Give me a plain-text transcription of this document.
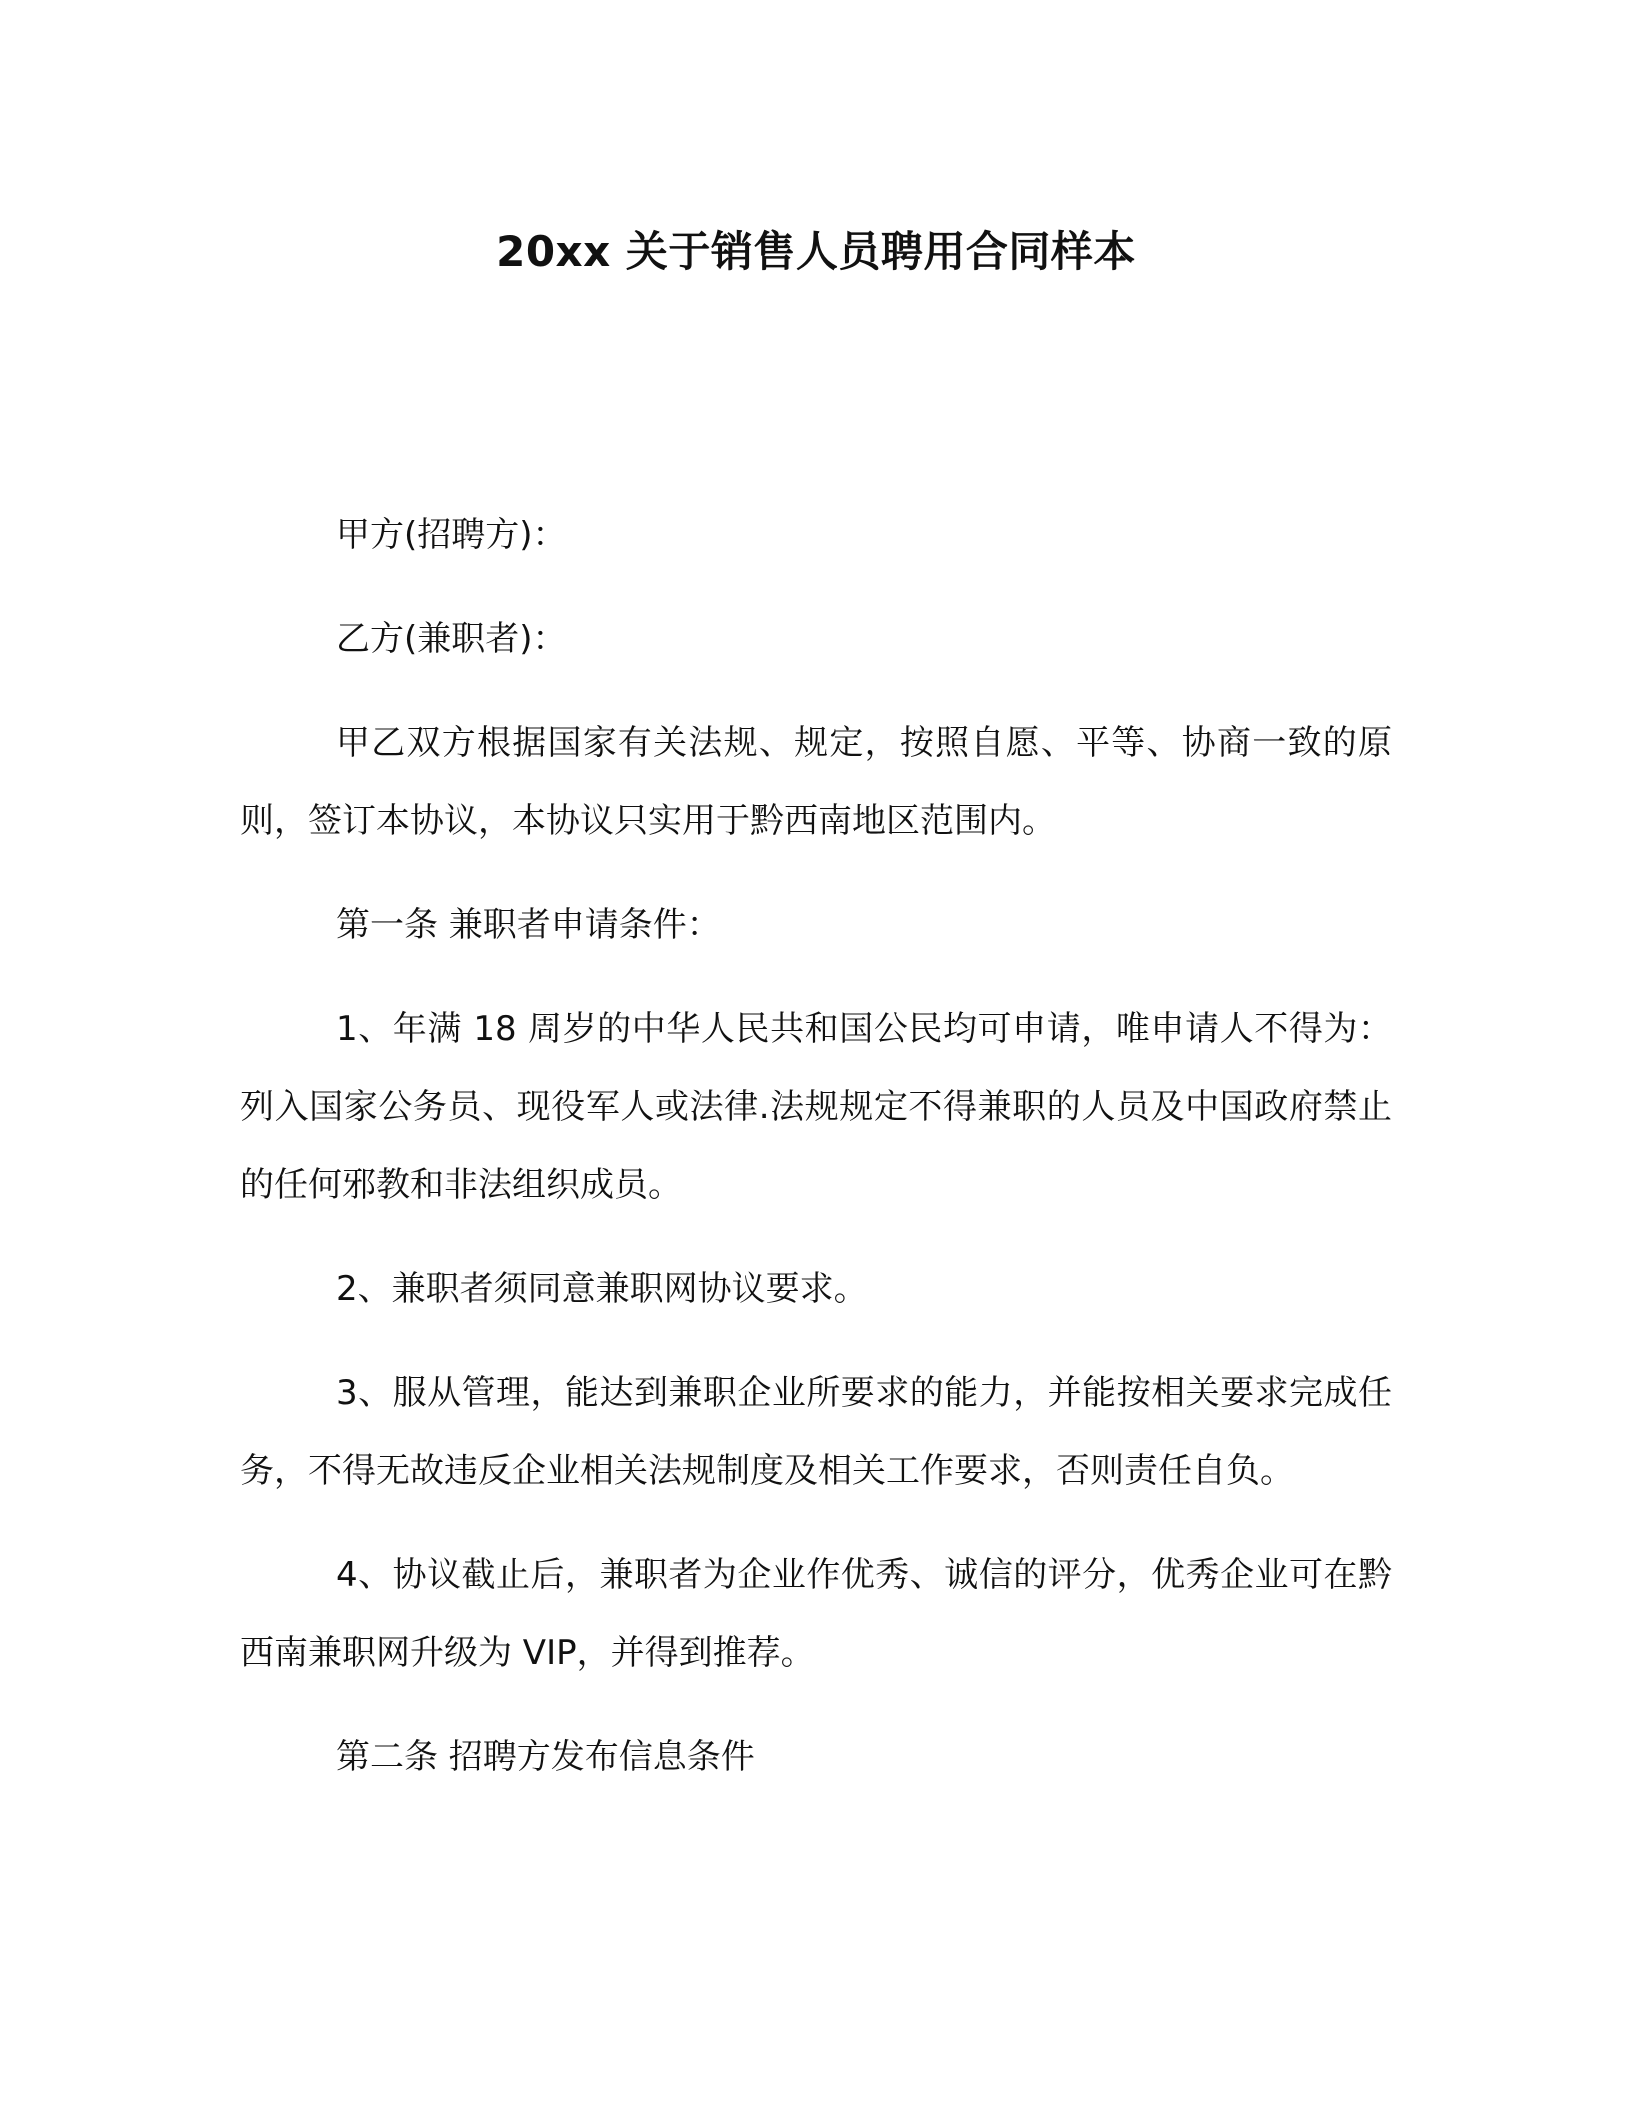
20xx 关于销售人员聘用合同样本

甲方(招聘方)：

乙方(兼职者)：

甲乙双方根据国家有关法规、规定，按照自愿、平等、协商一致的原则，签订本协议，本协议只实用于黔西南地区范围内。

第一条 兼职者申请条件：

1、年满 18 周岁的中华人民共和国公民均可申请，唯申请人不得为：列入国家公务员、现役军人或法律.法规规定不得兼职的人员及中国政府禁止的任何邪教和非法组织成员。

2、兼职者须同意兼职网协议要求。

3、服从管理，能达到兼职企业所要求的能力，并能按相关要求完成任务，不得无故违反企业相关法规制度及相关工作要求，否则责任自负。

4、协议截止后，兼职者为企业作优秀、诚信的评分，优秀企业可在黔西南兼职网升级为 VIP，并得到推荐。

第二条 招聘方发布信息条件
